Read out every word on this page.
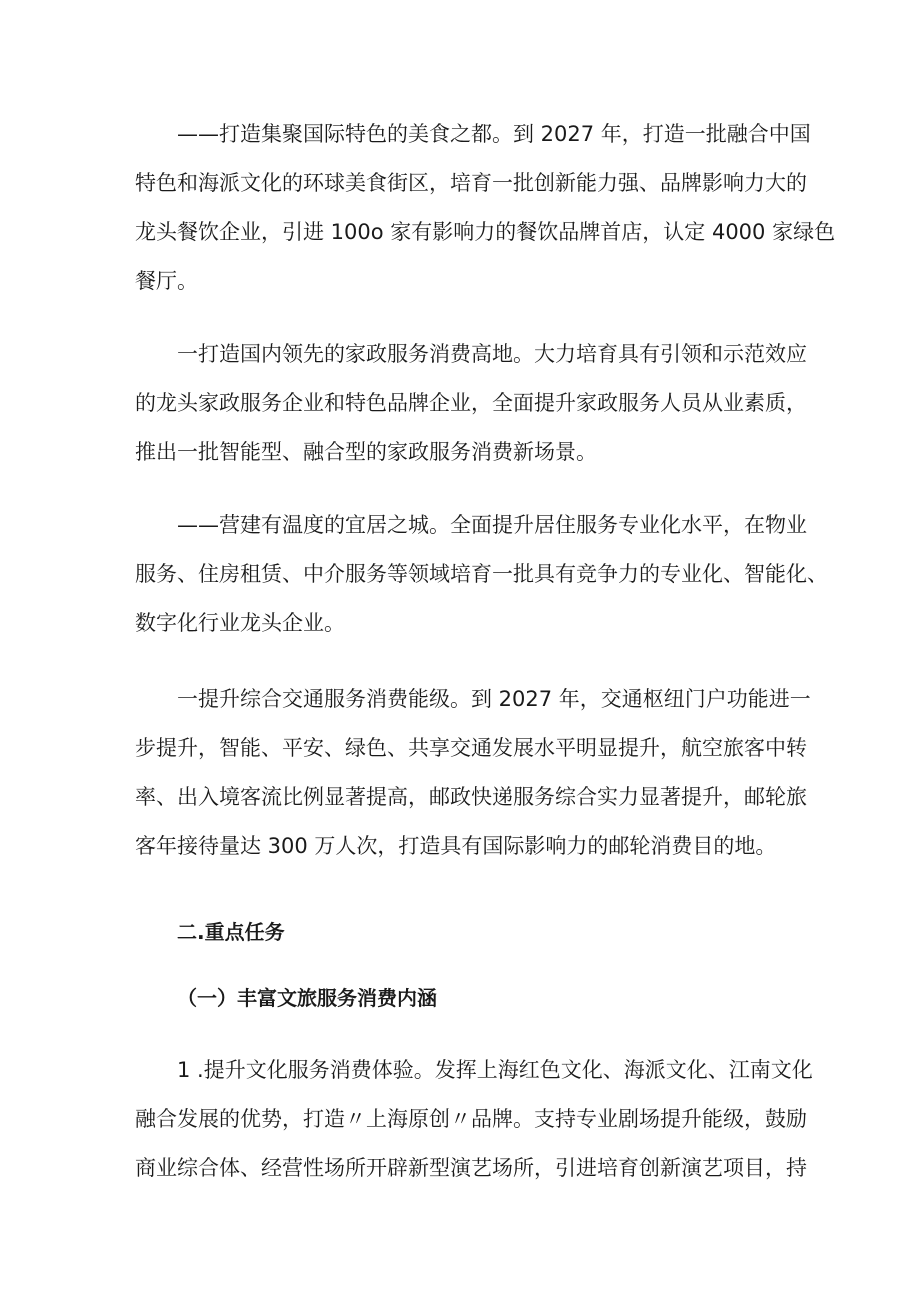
——打造集聚国际特色的美食之都。到 2027 年，打造一批融合中国
特色和海派文化的环球美食街区，培育一批创新能力强、品牌影响力大的
龙头餐饮企业，引进 100o 家有影响力的餐饮品牌首店，认定 4000 家绿色
餐厅。
一打造国内领先的家政服务消费高地。大力培育具有引领和示范效应
的龙头家政服务企业和特色品牌企业，全面提升家政服务人员从业素质，
推出一批智能型、融合型的家政服务消费新场景。
——营建有温度的宜居之城。全面提升居住服务专业化水平，在物业
服务、住房租赁、中介服务等领域培育一批具有竞争力的专业化、智能化、
数字化行业龙头企业。
一提升综合交通服务消费能级。到 2027 年，交通枢纽门户功能进一
步提升，智能、平安、绿色、共享交通发展水平明显提升，航空旅客中转
率、出入境客流比例显著提高，邮政快递服务综合实力显著提升，邮轮旅
客年接待量达 300 万人次，打造具有国际影响力的邮轮消费目的地。
二.重点任务
（一）丰富文旅服务消费内涵
1 .提升文化服务消费体验。发挥上海红色文化、海派文化、江南文化
融合发展的优势，打造〃上海原创〃品牌。支持专业剧场提升能级，鼓励
商业综合体、经营性场所开辟新型演艺场所，引进培育创新演艺项目，持
